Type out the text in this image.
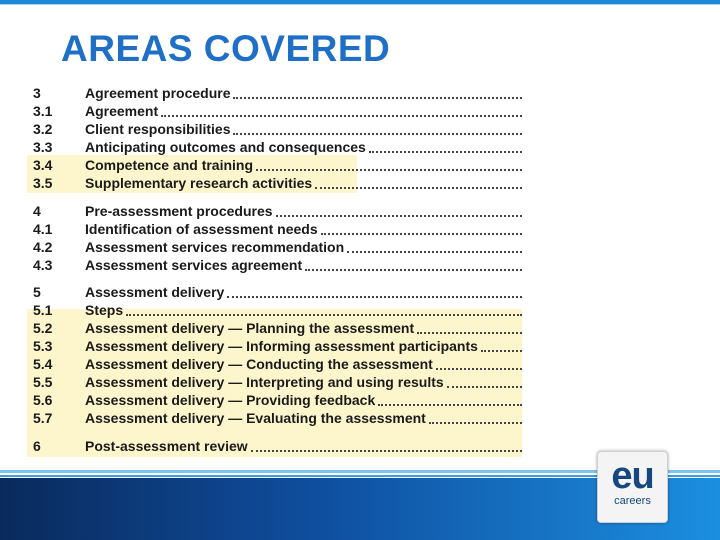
AREAS COVERED
3	Agreement procedure
3.1	Agreement
3.2	Client responsibilities
3.3	Anticipating outcomes and consequences
3.4	Competence and training
3.5	Supplementary research activities
4	Pre-assessment procedures
4.1	Identification of assessment needs
4.2	Assessment services recommendation
4.3	Assessment services agreement
5	Assessment delivery
5.1	Steps
5.2	Assessment delivery — Planning the assessment
5.3	Assessment delivery — Informing assessment participants
5.4	Assessment delivery — Conducting the assessment
5.5	Assessment delivery — Interpreting and using results
5.6	Assessment delivery — Providing feedback
5.7	Assessment delivery — Evaluating the assessment
6	Post-assessment review
eu
careers
